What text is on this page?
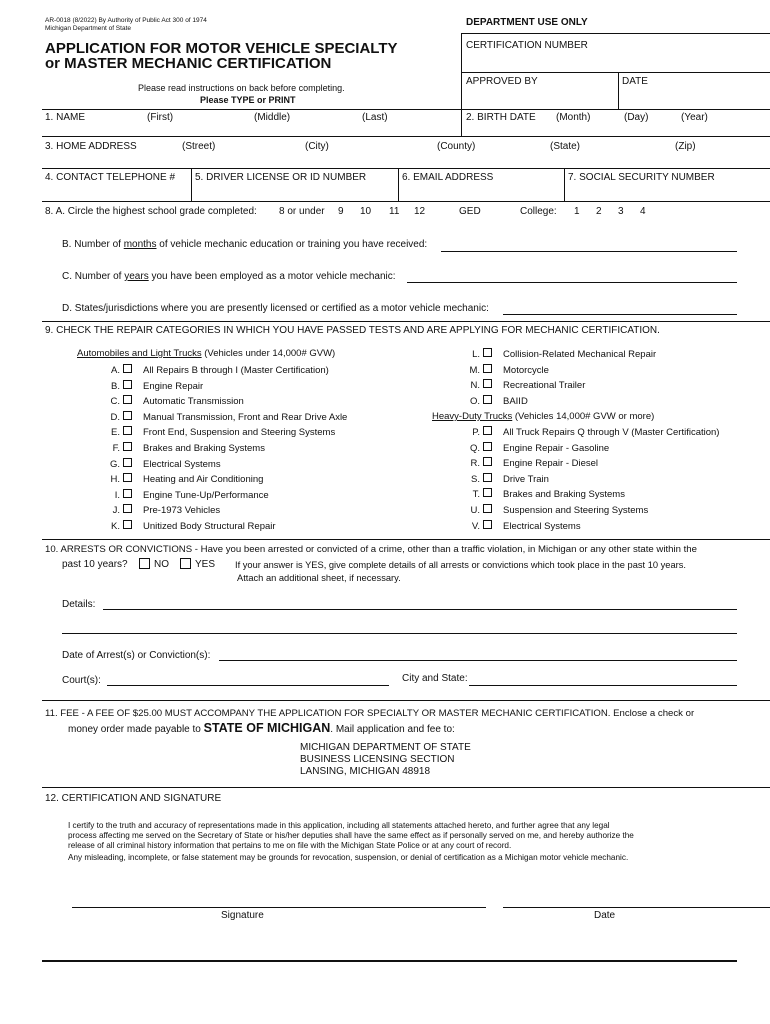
AR-0018 (8/2022) By Authority of Public Act 300 of 1974
Michigan Department of State
APPLICATION FOR MOTOR VEHICLE SPECIALTY
or MASTER MECHANIC CERTIFICATION
Please read instructions on back before completing.
Please TYPE or PRINT
DEPARTMENT USE ONLY
CERTIFICATION NUMBER
APPROVED BY	DATE
1. NAME	(First)	(Middle)	(Last)	2. BIRTH DATE (Month)	(Day)	(Year)
3. HOME ADDRESS	(Street)	(City)	(County)	(State)	(Zip)
4. CONTACT TELEPHONE # 5. DRIVER LICENSE OR ID NUMBER	6. EMAIL ADDRESS	7. SOCIAL SECURITY NUMBER
8. A. Circle the highest school grade completed: 8 or under 9 10 11 12	GED	College: 1 2 3 4
B. Number of months of vehicle mechanic education or training you have received:
C. Number of years you have been employed as a motor vehicle mechanic:
D. States/jurisdictions where you are presently licensed or certified as a motor vehicle mechanic:
9. CHECK THE REPAIR CATEGORIES IN WHICH YOU HAVE PASSED TESTS AND ARE APPLYING FOR MECHANIC CERTIFICATION.
Automobiles and Light Trucks (Vehicles under 14,000# GVW)
A. All Repairs B through I (Master Certification)
B. Engine Repair
C. Automatic Transmission
D. Manual Transmission, Front and Rear Drive Axle
E. Front End, Suspension and Steering Systems
F. Brakes and Braking Systems
G. Electrical Systems
H. Heating and Air Conditioning
I. Engine Tune-Up/Performance
J. Pre-1973 Vehicles
K. Unitized Body Structural Repair
L. Collision-Related Mechanical Repair
M. Motorcycle
N. Recreational Trailer
O. BAIID
Heavy-Duty Trucks (Vehicles 14,000# GVW or more)
P. All Truck Repairs Q through V (Master Certification)
Q. Engine Repair - Gasoline
R. Engine Repair - Diesel
S. Drive Train
T. Brakes and Braking Systems
U. Suspension and Steering Systems
V. Electrical Systems
10. ARRESTS OR CONVICTIONS - Have you been arrested or convicted of a crime, other than a traffic violation, in Michigan or any other state within the
past 10 years?	NO	YES If your answer is YES, give complete details of all arrests or convictions which took place in the past 10 years.
Attach an additional sheet, if necessary.
Details:
Date of Arrest(s) or Conviction(s):
Court(s):	City and State:
11. FEE - A FEE OF $25.00 MUST ACCOMPANY THE APPLICATION FOR SPECIALTY OR MASTER MECHANIC CERTIFICATION. Enclose a check or
money order made payable to STATE OF MICHIGAN. Mail application and fee to:
MICHIGAN DEPARTMENT OF STATE
BUSINESS LICENSING SECTION
LANSING, MICHIGAN 48918
12. CERTIFICATION AND SIGNATURE
I certify to the truth and accuracy of representations made in this application, including all statements attached hereto, and further agree that any legal
process affecting me served on the Secretary of State or his/her deputies shall have the same effect as if personally served on me, and hereby authorize the
release of all criminal history information that pertains to me on file with the Michigan State Police or at any court of record.
Any misleading, incomplete, or false statement may be grounds for revocation, suspension, or denial of certification as a Michigan motor vehicle mechanic.
Signature	Date
